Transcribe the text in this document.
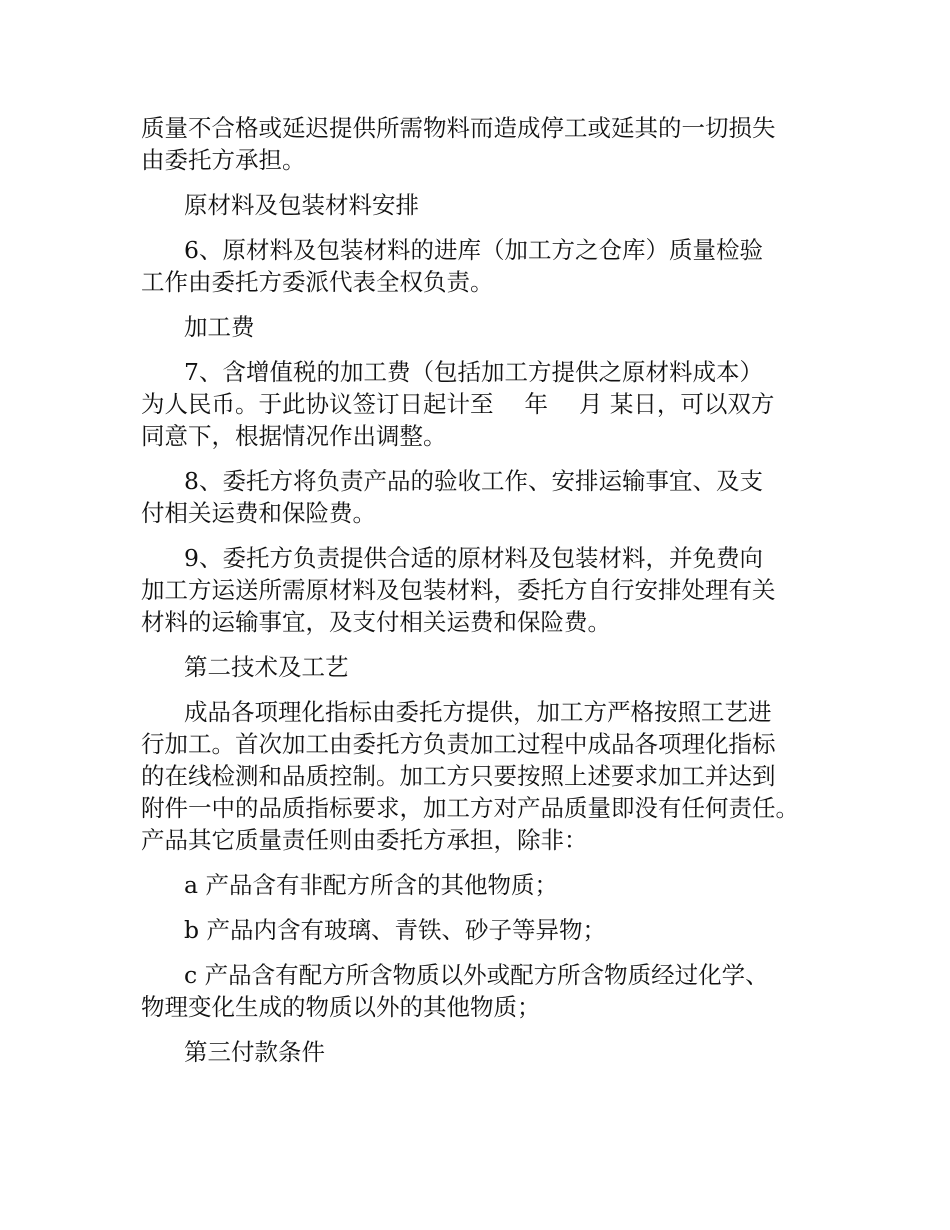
质量不合格或延迟提供所需物料而造成停工或延其的一切损失
由委托方承担。

原材料及包装材料安排

6、原材料及包装材料的进库（加工方之仓库）质量检验
工作由委托方委派代表全权负责。

加工费

7、含增值税的加工费（包括加工方提供之原材料成本）
为人民币。于此协议签订日起计至　 年　 月 某日，可以双方
同意下，根据情况作出调整。

8、委托方将负责产品的验收工作、安排运输事宜、及支
付相关运费和保险费。

9、委托方负责提供合适的原材料及包装材料，并免费向
加工方运送所需原材料及包装材料，委托方自行安排处理有关
材料的运输事宜，及支付相关运费和保险费。

第二技术及工艺

成品各项理化指标由委托方提供，加工方严格按照工艺进
行加工。首次加工由委托方负责加工过程中成品各项理化指标
的在线检测和品质控制。加工方只要按照上述要求加工并达到
附件一中的品质指标要求，加工方对产品质量即没有任何责任。
产品其它质量责任则由委托方承担，除非：

a 产品含有非配方所含的其他物质；

b 产品内含有玻璃、青铁、砂子等异物；

c 产品含有配方所含物质以外或配方所含物质经过化学、
物理变化生成的物质以外的其他物质；

第三付款条件
